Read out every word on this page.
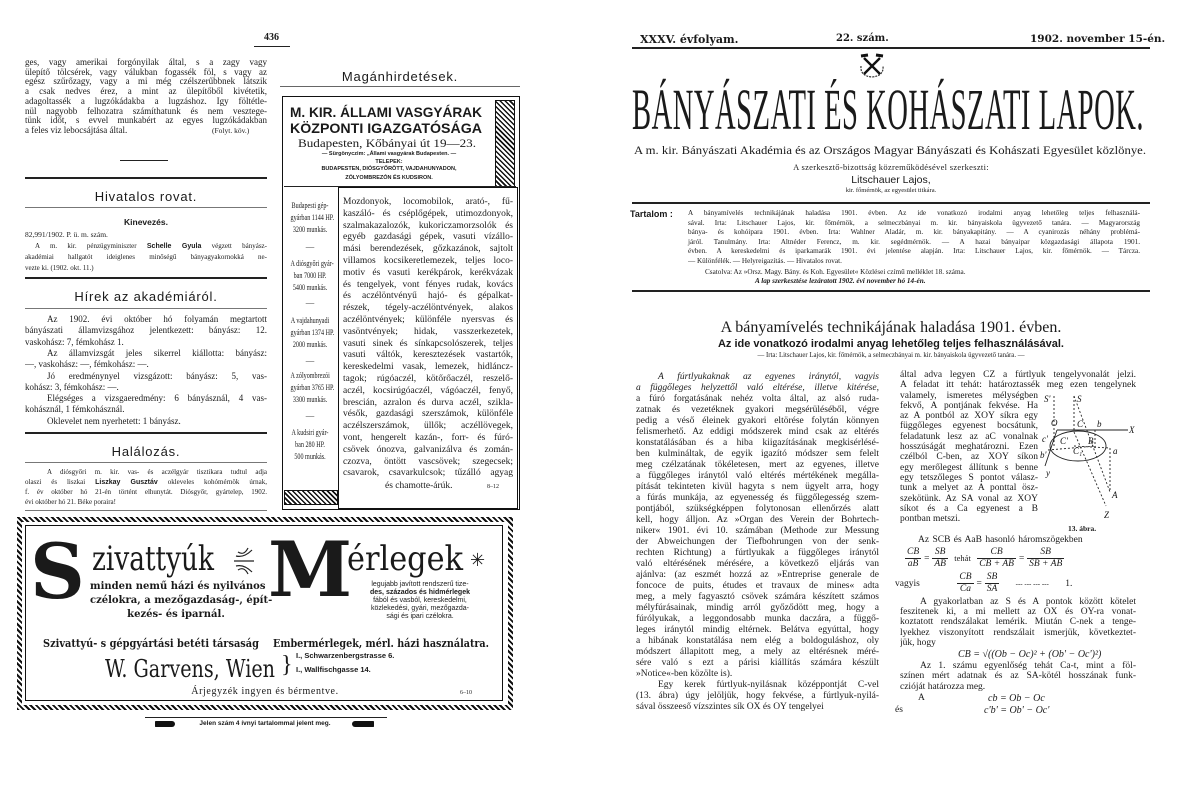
436
ges, vagy amerikai forgónyilak által, s a zagy vagy
ülepítő tölcsérek, vagy válukban fogassék föl, s vagy az
egész szűrőzagy, vagy a mi még czélszerűbbnek látszik
a csak nedves érez, a mint az ülepítőből kivétetik,
adagoltassék a lugzókádakba a lugzáshoz. Igy föltétle-
nül nagyobb felhozatra számíthatunk és nem vesztege-
tünk időt, s evvel munkabért az egyes lugzókádakban
a feles viz lebocsájtása által.	(Folyt. köv.)
Hivatalos rovat.
Kinevezés.
82,991/1902. P. ü. m. szám.
A m. kir. pénzügyminiszter Schelle Gyula végzett bányász-
akadémiai hallgatót ideiglenes minőségű bányagyakornokká ne-
vezte ki. (1902. okt. 11.)
Hírek az akadémiáról.
Az 1902. évi október hó folyamán megtartott
bányászati államvizsgához jelentkezett: bányász: 12.
vaskohász: 7, fémkohász 1.
Az államvizsgát jeles sikerrel kiállotta: bányász:
—, vaskohász: —, fémkohász: —.
Jó eredménynyel vizsgázott: bányász: 5, vas-
kohász: 3, fémkohász: —.
Elégséges a vizsgaeredmény: 6 bányásznál, 4 vas-
kohásznál, 1 fémkohásznál.
Oklevelet nem nyerhetett: 1 bányász.
Halálozás.
A diósgyőri m. kir. vas- és aczélgyár tisztikara tudtul adja
olaszi és liszkai Liszkay Gusztáv okleveles kohómérnök úrnak,
f. év október hó 21-én történt elhunytát. Diósgyőr, gyártelep, 1902.
évi október hó 21. Béke poraira!
Magánhirdetések.
M. KIR. ÁLLAMI VASGYÁRAK
KÖZPONTI IGAZGATÓSÁGA
Budapesten, Kőbányai út 19—23.
— Sürgönyczim: „Állami vasgyárak Budapesten. —
TELEPEK:
BUDAPESTEN, DIÓSGYŐRÖTT, VAJDAHUNYADON,
ZÓLYOMBREZÓN ÉS KUDSIRON.
Budapesti gép-
gyárban 1144 HP.
3200 munkás.
—
A diósgyőri gyár-
ban 7000 HP.
5400 munkás.
—
A vajdahunyadi
gyárban 1374 HP.
2000 munkás.
—
A zólyombrezói
gyárban 3765 HP.
3300 munkás.
—
A kudsiri gyár-
ban 280 HP.
500 munkás.
Mozdonyok, locomobilok, arató-, fű-
kaszáló- és cséplőgépek, utimozdonyok,
szalmakazalozók, kukoriczamorzsolók és
egyéb gazdasági gépek, vasuti vízállo-
mási berendezések, gőzkazánok, sajtolt
villamos kocsikeretlemezek, teljes loco-
motiv és vasuti kerékpárok, kerékvázak
és tengelyek, vont fényes rudak, kovács
és aczélöntvényű hajó- és gépalkat-
részek, tégely-aczélöntvények, alakos
aczélöntvények; különféle nyersvas és
vasöntvények; hidak, vasszerkezetek,
vasuti sinek és sínkapcsolószerek, teljes
vasuti váltók, keresztezések vastartók,
kereskedelmi vasak, lemezek, hidláncz-
tagok; rúgóaczél, kötőrőaczél, reszelő-
aczél, kocsirúgóaczél, vágóaczél, fenyő,
brescián, azralon és durva aczél, szikla-
vésők, gazdasági szerszámok, különféle
aczélszerszámok, üllők; aczéllövegek,
vont, hengerelt kazán-, forr- és fúró-
csövek ónozva, galvanizálva és zomán-
czozva, öntött vascsövek; szegecsek;
csavarok, csavarkulcsok; tűzálló agyag
és chamotte-árúk.	8–12
S zivattyúk M
érlegek ✳
minden nemű házi és nyilvános
czélokra, a mezőgazdaság-, épít-
kezés- és iparnál.
legujabb javított rendszerű tize-
des, százados és hidmérlegek
fából és vasból, kereskedelmi,
közlekedési, gyári, mezőgazda-
sági és ipari czélokra.
Szivattyú- s gépgyártási betéti társaság Embermérlegek, mérl. házi használatra.
W. Garvens, Wien } I., Schwarzenbergstrasse 6.
I., Wallfischgasse 14.
Árjegyzék ingyen és bérmentve.	6–10
Jelen szám 4 ívnyi tartalommal jelent meg.
XXXV. évfolyam.	22. szám.	1902. november 15-én.
BÁNYÁSZATI ÉS KOHÁSZATI LAPOK.
A m. kir. Bányászati Akadémia és az Országos Magyar Bányászati és Kohászati Egyesület közlönye.
A szerkesztő-bizottság közreműködésével szerkeszti:
Litschauer Lajos,
kir. főmérnök, az egyesület titkára.
Tartalom : A bányamívelés technikájának haladása 1901. évben. Az ide vonatkozó irodalmi anyag lehetőleg teljes felhasználá-
sával. Irta: Litschauer Lajos, kir. főmérnök, a selmeczbányai m. kir. bányaiskola ügyvezető tanára. — Magyarország
bánya- és kohóipara 1901. évben. Irta: Wahlner Aladár, m. kir. bányakapitány. — A cyanirozás néhány problémá-
járól. Tanulmány. Irta: Altnéder Ferencz, m. kir. segédmérnök. — A hazai bányaipar közgazdasági állapota 1901.
évben. A kereskedelmi és iparkamarák 1901. évi jelentése alapján. Irta: Litschauer Lajos, kir. főmérnök. — Tárcza.
— Különfélék. — Helyreigazítás. — Hivatalos rovat.
Csatolva: Az »Orsz. Magy. Bány. és Koh. Egyesület« Közlései czímű melléklet 18. száma.
A lap szerkesztése lezáratott 1902. évi november hó 14-én.
A bányamívelés technikájának haladása 1901. évben.
Az ide vonatkozó irodalmi anyag lehetőleg teljes felhasználásával.
— Irta: Litschauer Lajos, kir. főmérnök, a selmeczbányai m. kir. bányaiskola ügyvezető tanára. —
A fúrtlyukaknak az egyenes iránytól, vagyis
a függőleges helyzettől való eltérése, illetve kitérése,
a fúró forgatásának nehéz volta által, az alsó ruda-
zatnak és vezetéknek gyakori megsérüléséből, végre
pedig a véső éleinek gyakori eltörése folytán könnyen
felismerhető. Az eddigi módszerek mind csak az eltérés
konstatálásában és a hiba kiigazításának megkisérlésé-
ben kulmináltak, de egyik igazító módszer sem felelt
meg czélzatának tökéletesen, mert az egyenes, illetve
a függőleges iránytól való eltérés mértékének megálla-
pítását tekinteten kivül hagyta s nem ügyelt arra, hogy
a fúrás munkája, az egyenesség és függőlegesség szem-
pontjából, szükségképpen folytonosan ellenőrzés alatt
kell, hogy álljon. Az »Organ des Verein der Bohrtech-
niker« 1901. évi 10. számában (Methode zur Messung
der Abweichungen der Tiefbohrungen von der senk-
rechten Richtung) a fúrtlyukak a függőleges iránytól
való eltérésének mérésére, a következő eljárás van
ajánlva: (az eszmét hozzá az »Entreprise generale de
foncoce de puits, études et travaux de mines« adta
meg, a mely fagyasztó csövek számára készített számos
mélyfúrásainak, mindig arról győződött meg, hogy a
fúrólyukak, a leggondosabb munka daczára, a függő-
leges iránytól mindig eltérnek. Belátva egyúttal, hogy
a hibának konstatálása nem elég a boldoguláshoz, oly
módszert állapitott meg, a mely az eltérésnek méré-
sére való s ezt a párisi kiállítás számára készült
»Notice«-ben közölte is).
Egy kerek fúrtlyuk-nyilásnak középpontját C-vel
(13. ábra) úgy jelöljük, hogy fekvése, a fúrtlyuk-nyilá-
sával összeeső vízszintes sík OX és OY tengelyei
által adva legyen CZ a fúrtlyuk tengelyvonalát jelzi.
A feladat itt tehát: határoztassék meg ezen tengelynek
valamely, ismeretes mélységben
fekvő, A pontjának fekvése. Ha
az A pontból az XOY síkra egy
függőleges egyenest bocsátunk,
feladatunk lesz az aC vonalnak
hosszúságát meghatározni. Ezen
czélból C-ben, az XOY síkon
egy merőlegest állítunk s benne
egy tetszőleges S pontot válasz-
tunk a melyet az A ponttal ösz-
szekötünk. Az SA vonal az XOY
síkot és a Ca egyenest a B
pontban metszi.
S'	S
O C b
X
c'
b'
C'
C₁
B
a
y
A
Z
13. ábra.
Az SCB és AaB hasonló háromszögekben
$\frac{CB}{aB} = \frac{SB}{AB}$ tehát $\frac{CB}{CB + AB} = \frac{SB}{SB + AB}$
vagyis	$\frac{CB}{Ca} = \frac{SB}{SA}$ --- --- --- --- 1.
A gyakorlatban az S és A pontok között kötelet
feszitenek ki, a mi mellett az OX és OY-ra vonat-
koztatott rendszálakat lemérik. Miután C-nek a tenge-
lyekhez viszonyított rendszálait ismerjük, következtet-
jük, hogy
CB = √((Ob − Oc)² + (Ob' − Oc')²)
Az 1. számu egyenlőség tehát Ca-t, mint a föl-
színen mért adatnak és az SA-kötél hosszának funk-
czióját határozza meg.
A	cb = Ob − Oc
és	c'b' = Ob' − Oc'
